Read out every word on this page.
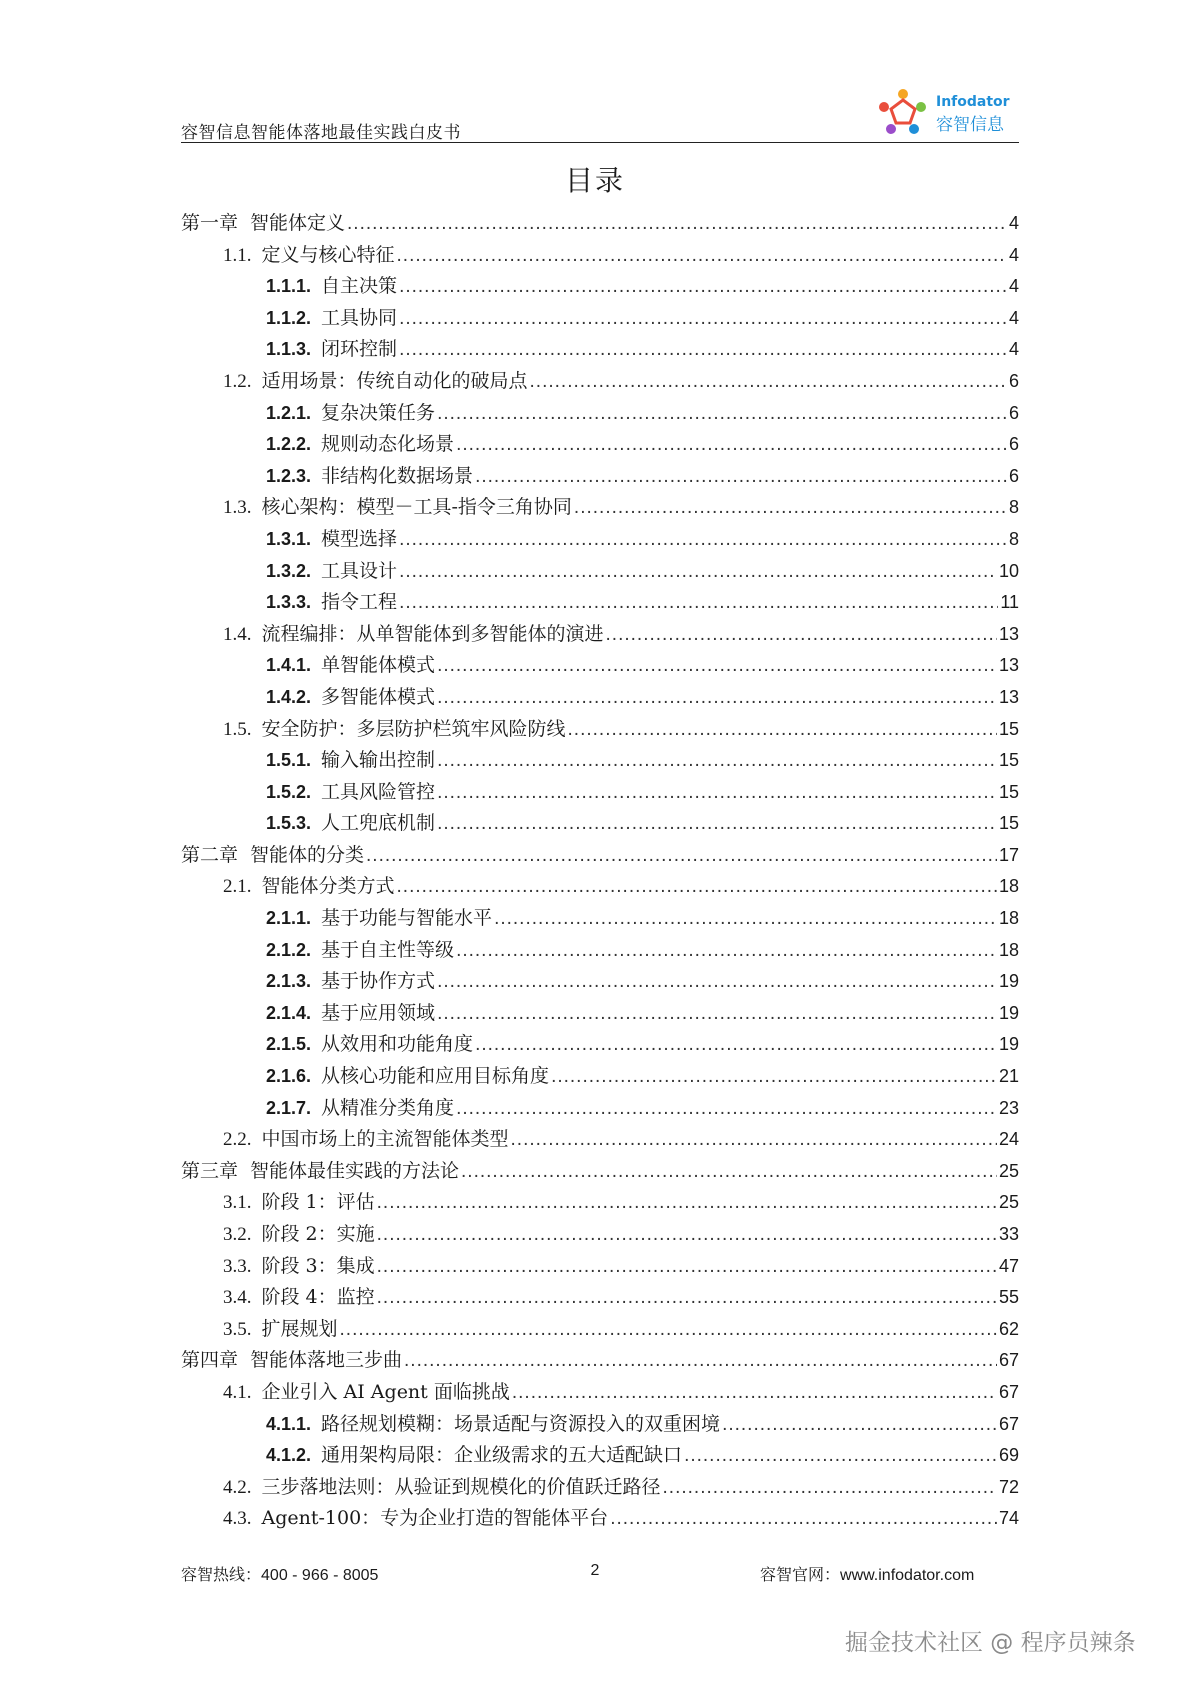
容智信息智能体落地最佳实践白皮书
Infodator
容智信息
目录
第一章 智能体定义 .....	4
1.1. 定义与核心特征 .....	4
1.1.1. 自主决策 .....	4
1.1.2. 工具协同 .....	4
1.1.3. 闭环控制 .....	4
1.2. 适用场景：传统自动化的破局点 .....	6
1.2.1. 复杂决策任务 .....	6
1.2.2. 规则动态化场景 .....	6
1.2.3. 非结构化数据场景 .....	6
1.3. 核心架构：模型－工具-指令三角协同 .....	8
1.3.1. 模型选择 .....	8
1.3.2. 工具设计 .....	10
1.3.3. 指令工程 .....	11
1.4. 流程编排：从单智能体到多智能体的演进 .....	13
1.4.1. 单智能体模式 .....	13
1.4.2. 多智能体模式 .....	13
1.5. 安全防护：多层防护栏筑牢风险防线 .....	15
1.5.1. 输入输出控制 .....	15
1.5.2. 工具风险管控 .....	15
1.5.3. 人工兜底机制 .....	15
第二章 智能体的分类 .....	17
2.1. 智能体分类方式 .....	18
2.1.1. 基于功能与智能水平 .....	18
2.1.2. 基于自主性等级 .....	18
2.1.3. 基于协作方式 .....	19
2.1.4. 基于应用领域 .....	19
2.1.5. 从效用和功能角度 .....	19
2.1.6. 从核心功能和应用目标角度 .....	21
2.1.7. 从精准分类角度 .....	23
2.2. 中国市场上的主流智能体类型 .....	24
第三章 智能体最佳实践的方法论 .....	25
3.1. 阶段 1：评估 .....	25
3.2. 阶段 2：实施 .....	33
3.3. 阶段 3：集成 .....	47
3.4. 阶段 4：监控 .....	55
3.5. 扩展规划 .....	62
第四章 智能体落地三步曲 .....	67
4.1. 企业引入 AI Agent 面临挑战 .....	67
4.1.1. 路径规划模糊：场景适配与资源投入的双重困境 .....	67
4.1.2. 通用架构局限：企业级需求的五大适配缺口 .....	69
4.2. 三步落地法则：从验证到规模化的价值跃迁路径 .....	72
4.3. Agent-100：专为企业打造的智能体平台 .....	74
容智热线：400 - 966 - 8005	2	容智官网：www.infodator.com
掘金技术社区 @ 程序员辣条
